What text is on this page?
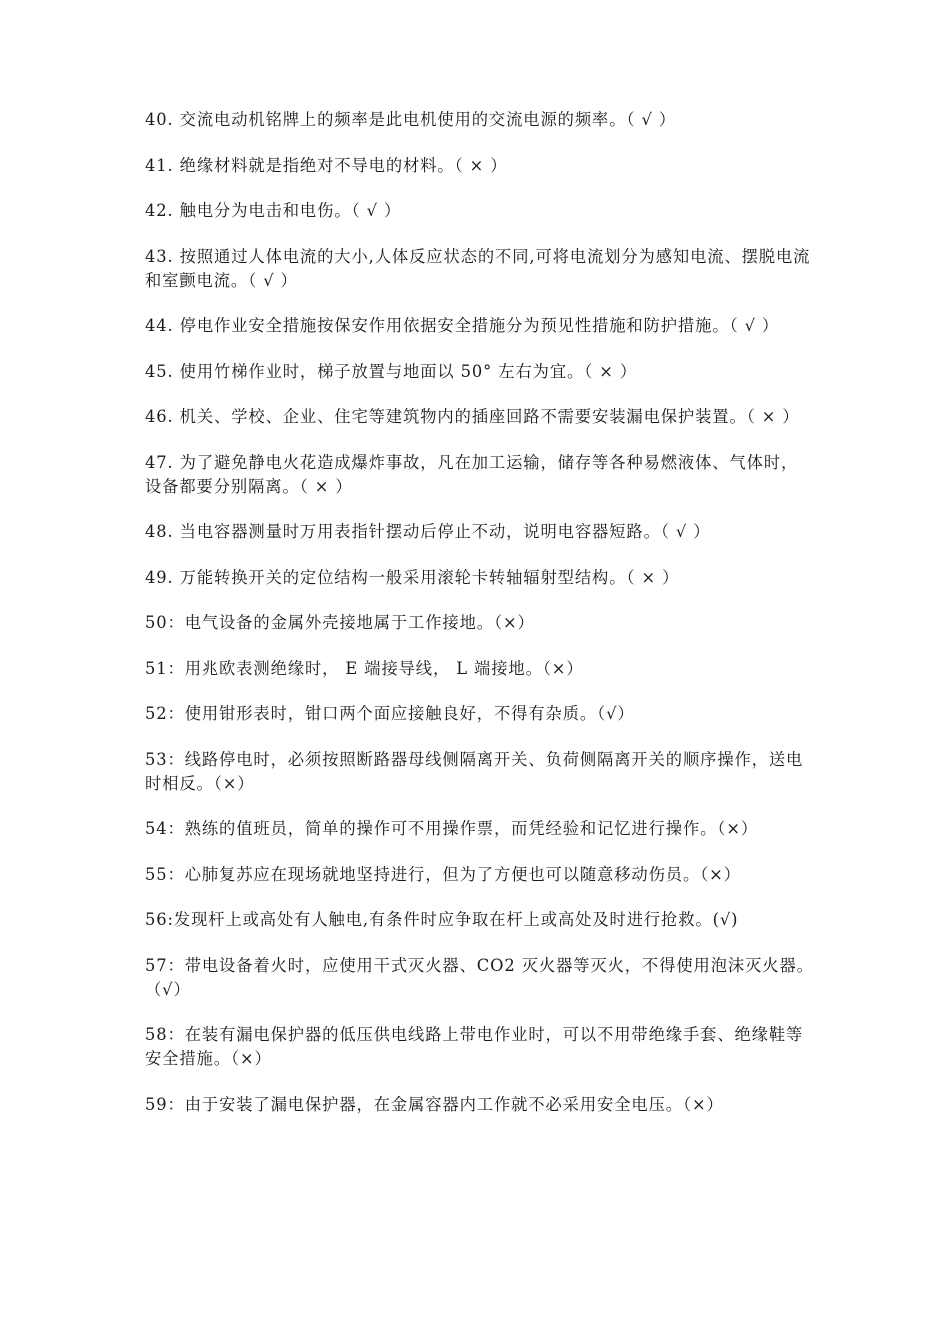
40. 交流电动机铭牌上的频率是此电机使用的交流电源的频率。（ √ ）

41. 绝缘材料就是指绝对不导电的材料。（ × ）

42. 触电分为电击和电伤。（ √ ）

43. 按照通过人体电流的大小,人体反应状态的不同,可将电流划分为感知电流、摆脱电流和室颤电流。（ √ ）

44. 停电作业安全措施按保安作用依据安全措施分为预见性措施和防护措施。（ √ ）

45. 使用竹梯作业时，梯子放置与地面以 50° 左右为宜。（ × ）

46. 机关、学校、企业、住宅等建筑物内的插座回路不需要安装漏电保护装置。（ × ）

47. 为了避免静电火花造成爆炸事故，凡在加工运输，储存等各种易燃液体、气体时，设备都要分别隔离。（ × ）

48. 当电容器测量时万用表指针摆动后停止不动，说明电容器短路。（ √ ）

49. 万能转换开关的定位结构一般采用滚轮卡转轴辐射型结构。（ × ）

50：电气设备的金属外壳接地属于工作接地。（×）

51：用兆欧表测绝缘时， E 端接导线， L 端接地。（×）

52：使用钳形表时，钳口两个面应接触良好，不得有杂质。（√）

53：线路停电时，必须按照断路器母线侧隔离开关、负荷侧隔离开关的顺序操作，送电时相反。（×）

54：熟练的值班员，简单的操作可不用操作票，而凭经验和记忆进行操作。（×）

55：心肺复苏应在现场就地坚持进行，但为了方便也可以随意移动伤员。（×）

56:发现杆上或高处有人触电,有条件时应争取在杆上或高处及时进行抢救。(√)

57：带电设备着火时，应使用干式灭火器、CO2 灭火器等灭火，不得使用泡沫灭火器。（√）

58：在装有漏电保护器的低压供电线路上带电作业时，可以不用带绝缘手套、绝缘鞋等安全措施。（×）

59：由于安装了漏电保护器，在金属容器内工作就不必采用安全电压。（×）
